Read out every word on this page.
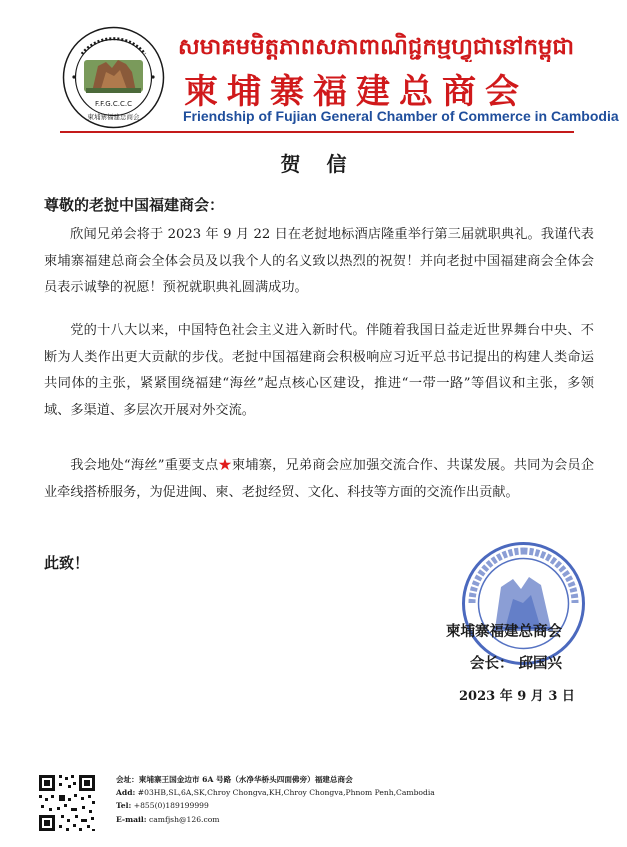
F.F.G.C.C.C
柬埔寨福建总商会
សមាគមមិត្តភាពសភាពាណិជ្ជកម្មហ្វូជានៅកម្ពុជា
柬埔寨福建总商会
Friendship of Fujian General Chamber of Commerce in Cambodia
贺信
尊敬的老挝中国福建商会：
欣闻兄弟会将于 2023 年 9 月 22 日在老挝地标酒店隆重举行第三届就职典礼。我谨代表柬埔寨福建总商会全体会员及以我个人的名义致以热烈的祝贺！并向老挝中国福建商会全体会员表示诚挚的祝愿！预祝就职典礼圆满成功。
党的十八大以来，中国特色社会主义进入新时代。伴随着我国日益走近世界舞台中央、不断为人类作出更大贡献的步伐。老挝中国福建商会积极响应习近平总书记提出的构建人类命运共同体的主张，紧紧围绕福建“海丝”起点核心区建设，推进“一带一路”等倡议和主张，多领域、多渠道、多层次开展对外交流。
我会地处“海丝”重要支点★柬埔寨，兄弟商会应加强交流合作、共谋发展。共同为会员企业牵线搭桥服务，为促进闽、柬、老挝经贸、文化、科技等方面的交流作出贡献。
此致！
柬埔寨福建总商会
会长： 邱国兴
2023 年 9 月 3 日
会址：柬埔寨王国金边市 6A 号路（水净华桥头四面佛旁）福建总商会
Add: #03HB,SL,6A,SK,Chroy Chongva,KH,Chroy Chongva,Phnom Penh,Cambodia
Tel: +855(0)189199999
E-mail: camfjsh@126.com
